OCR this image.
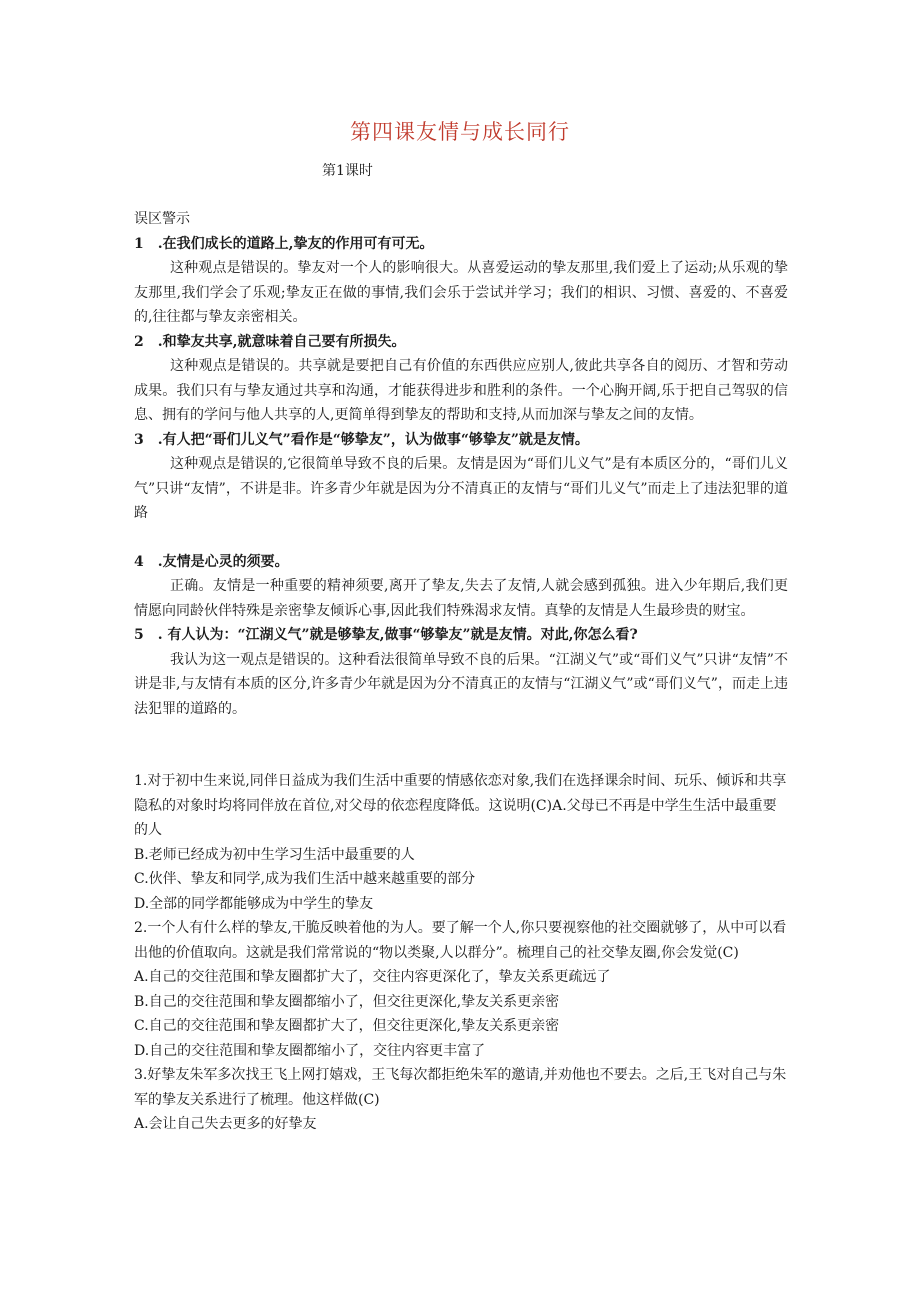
第四课友情与成长同行
第1课时

误区警示

1　.在我们成长的道路上,挚友的作用可有可无。

这种观点是错误的。挚友对一个人的影响很大。从喜爱运动的挚友那里,我们爱上了运动;从乐观的挚友那里,我们学会了乐观;挚友正在做的事情,我们会乐于尝试并学习；我们的相识、习惯、喜爱的、不喜爱的,往往都与挚友亲密相关。

2　.和挚友共享,就意味着自己要有所损失。

这种观点是错误的。共享就是要把自己有价值的东西供应应别人,彼此共享各自的阅历、才智和劳动成果。我们只有与挚友通过共享和沟通，才能获得进步和胜利的条件。一个心胸开阔,乐于把自己驾驭的信息、拥有的学问与他人共享的人,更简单得到挚友的帮助和支持,从而加深与挚友之间的友情。

3　.有人把“哥们儿义气”看作是“够挚友”，认为做事“够挚友”就是友情。

这种观点是错误的,它很简单导致不良的后果。友情是因为“哥们儿义气”是有本质区分的，“哥们儿义气”只讲“友情”，不讲是非。许多青少年就是因为分不清真正的友情与“哥们儿义气”而走上了违法犯罪的道路

4　.友情是心灵的须要。

正确。友情是一种重要的精神须要,离开了挚友,失去了友情,人就会感到孤独。进入少年期后,我们更情愿向同龄伙伴特殊是亲密挚友倾诉心事,因此我们特殊渴求友情。真挚的友情是人生最珍贵的财宝。

5　. 有人认为：“江湖义气”就是够挚友,做事“够挚友”就是友情。对此,你怎么看?

我认为这一观点是错误的。这种看法很简单导致不良的后果。“江湖义气”或“哥们义气”只讲“友情”不讲是非,与友情有本质的区分,许多青少年就是因为分不清真正的友情与“江湖义气”或“哥们义气”，而走上违法犯罪的道路的。

1.对于初中生来说,同伴日益成为我们生活中重要的情感依恋对象,我们在选择课余时间、玩乐、倾诉和共享隐私的对象时均将同伴放在首位,对父母的依恋程度降低。这说明(C)A.父母已不再是中学生生活中最重要的人

B.老师已经成为初中生学习生活中最重要的人

C.伙伴、挚友和同学,成为我们生活中越来越重要的部分

D.全部的同学都能够成为中学生的挚友

2.一个人有什么样的挚友,干脆反映着他的为人。要了解一个人,你只要视察他的社交圈就够了，从中可以看出他的价值取向。这就是我们常常说的“物以类聚,人以群分”。梳理自己的社交挚友圈,你会发觉(C)

A.自己的交往范围和挚友圈都扩大了，交往内容更深化了，挚友关系更疏远了

B.自己的交往范围和挚友圈都缩小了，但交往更深化,挚友关系更亲密

C.自己的交往范围和挚友圈都扩大了，但交往更深化,挚友关系更亲密

D.自己的交往范围和挚友圈都缩小了，交往内容更丰富了

3.好挚友朱军多次找王飞上网打嬉戏，王飞每次都拒绝朱军的邀请,并劝他也不要去。之后,王飞对自己与朱军的挚友关系进行了梳理。他这样做(C)

A.会让自己失去更多的好挚友
